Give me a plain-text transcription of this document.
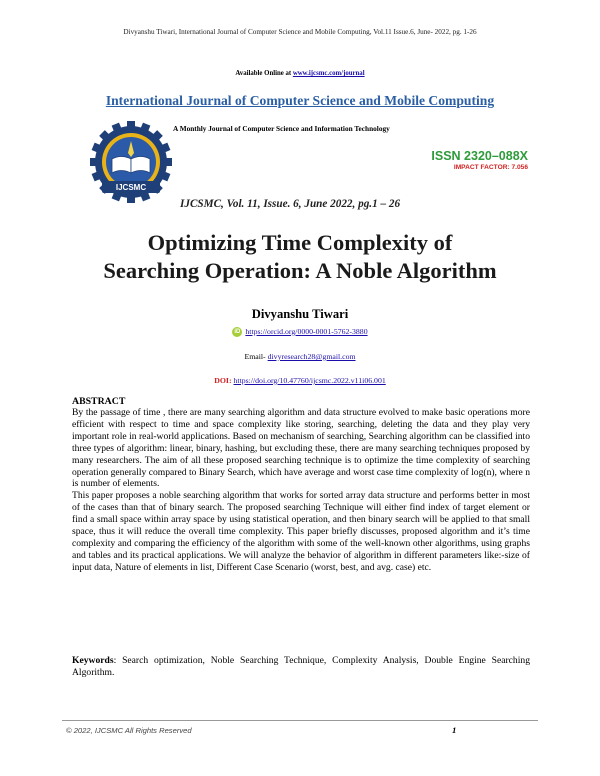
Divyanshu Tiwari, International Journal of Computer Science and Mobile Computing, Vol.11 Issue.6, June- 2022, pg. 1-26
Available Online at www.ijcsmc.com/journal
International Journal of Computer Science and Mobile Computing
A Monthly Journal of Computer Science and Information Technology
IJCSMC
ISSN 2320–088X
IMPACT FACTOR: 7.056
IJCSMC, Vol. 11, Issue. 6, June 2022, pg.1 – 26
Optimizing Time Complexity of
Searching Operation: A Noble Algorithm
Divyanshu Tiwari
iD https://orcid.org/0000-0001-5762-3880
Email- divyresearch28@gmail.com
DOI: https://doi.org/10.47760/ijcsmc.2022.v11i06.001
ABSTRACT

By the passage of time , there are many searching algorithm and data structure evolved to make basic operations more efficient with respect to time and space complexity like storing, searching, deleting the data and they play very important role in real-world applications. Based on mechanism of searching, Searching algorithm can be classified into three types of algorithm: linear, binary, hashing, but excluding these, there are many searching techniques proposed by many researchers. The aim of all these proposed searching technique is to optimize the time complexity of searching operation generally compared to Binary Search, which have average and worst case time complexity of log(n), where n is number of elements.

This paper proposes a noble searching algorithm that works for sorted array data structure and performs better in most of the cases than that of binary search. The proposed searching Technique will either find index of target element or find a small space within array space by using statistical operation, and then binary search will be applied to that small space, thus it will reduce the overall time complexity. This paper briefly discusses, proposed algorithm and it’s time complexity and comparing the efficiency of the algorithm with some of the well-known other algorithms, using graphs and tables and its practical applications. We will analyze the behavior of algorithm in different parameters like:-size of input data, Nature of elements in list, Different Case Scenario (worst, best, and avg. case) etc.

Keywords: Search optimization, Noble Searching Technique, Complexity Analysis, Double Engine Searching Algorithm.
© 2022, IJCSMC All Rights Reserved	1
